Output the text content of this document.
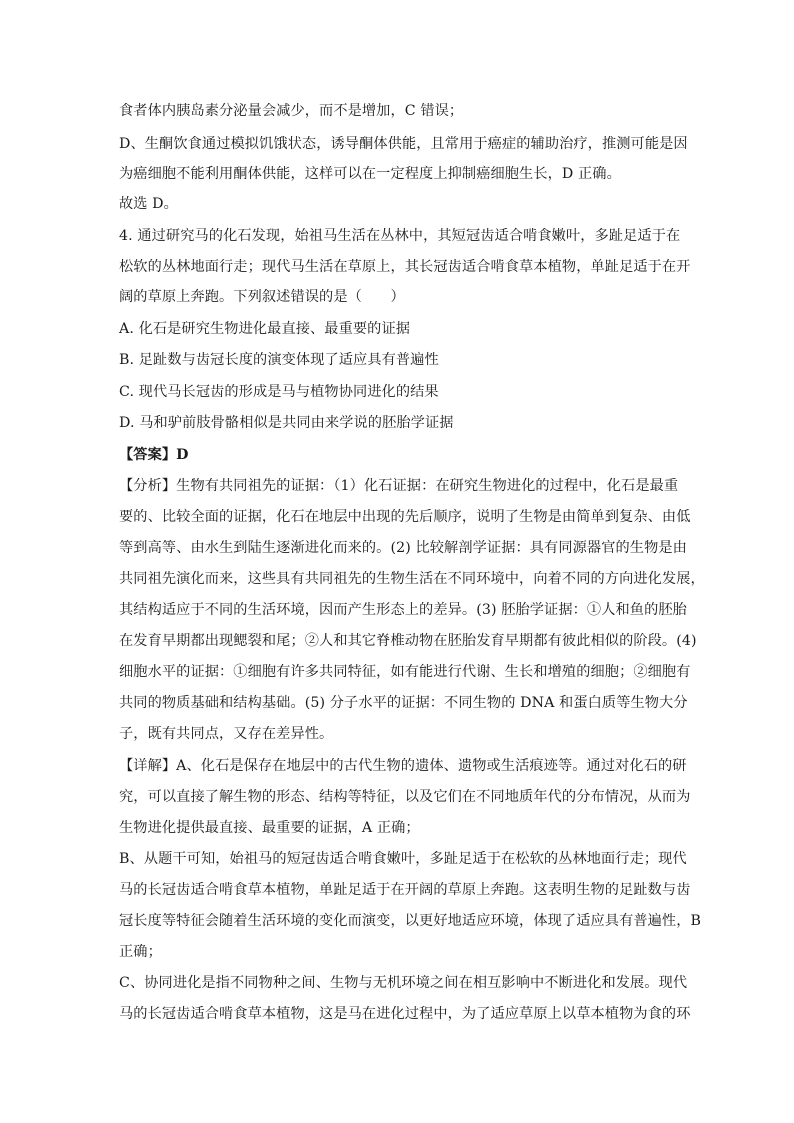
食者体内胰岛素分泌量会减少，而不是增加，C 错误；
D、生酮饮食通过模拟饥饿状态，诱导酮体供能，且常用于癌症的辅助治疗，推测可能是因
为癌细胞不能利用酮体供能，这样可以在一定程度上抑制癌细胞生长，D 正确。
故选 D。
4. 通过研究马的化石发现，始祖马生活在丛林中，其短冠齿适合啃食嫩叶，多趾足适于在
松软的丛林地面行走；现代马生活在草原上，其长冠齿适合啃食草本植物，单趾足适于在开
阔的草原上奔跑。下列叙述错误的是（　　）
A. 化石是研究生物进化最直接、最重要的证据
B. 足趾数与齿冠长度的演变体现了适应具有普遍性
C. 现代马长冠齿的形成是马与植物协同进化的结果
D. 马和驴前肢骨骼相似是共同由来学说的胚胎学证据
【答案】D
【分析】生物有共同祖先的证据：（1）化石证据：在研究生物进化的过程中，化石是最重
要的、比较全面的证据，化石在地层中出现的先后顺序，说明了生物是由简单到复杂、由低
等到高等、由水生到陆生逐渐进化而来的。(2) 比较解剖学证据：具有同源器官的生物是由
共同祖先演化而来，这些具有共同祖先的生物生活在不同环境中，向着不同的方向进化发展，
其结构适应于不同的生活环境，因而产生形态上的差异。(3) 胚胎学证据：①人和鱼的胚胎
在发育早期都出现鳃裂和尾；②人和其它脊椎动物在胚胎发育早期都有彼此相似的阶段。(4)
细胞水平的证据：①细胞有许多共同特征，如有能进行代谢、生长和增殖的细胞；②细胞有
共同的物质基础和结构基础。(5) 分子水平的证据：不同生物的 DNA 和蛋白质等生物大分
子，既有共同点，又存在差异性。
【详解】A、化石是保存在地层中的古代生物的遗体、遗物或生活痕迹等。通过对化石的研
究，可以直接了解生物的形态、结构等特征，以及它们在不同地质年代的分布情况，从而为
生物进化提供最直接、最重要的证据，A 正确；
B、从题干可知，始祖马的短冠齿适合啃食嫩叶，多趾足适于在松软的丛林地面行走；现代
马的长冠齿适合啃食草本植物，单趾足适于在开阔的草原上奔跑。这表明生物的足趾数与齿
冠长度等特征会随着生活环境的变化而演变，以更好地适应环境，体现了适应具有普遍性，B
正确；
C、协同进化是指不同物种之间、生物与无机环境之间在相互影响中不断进化和发展。现代
马的长冠齿适合啃食草本植物，这是马在进化过程中，为了适应草原上以草本植物为食的环
